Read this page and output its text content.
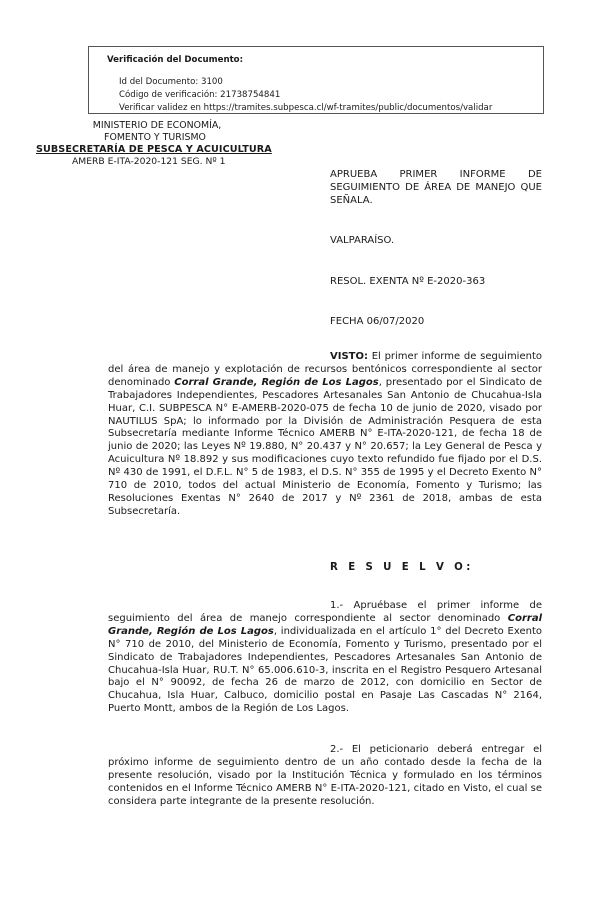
Verificación del Documento:
Id del Documento: 3100
Código de verificación: 21738754841
Verificar validez en https://tramites.subpesca.cl/wf-tramites/public/documentos/validar
MINISTERIO DE ECONOMÍA,
FOMENTO Y TURISMO
SUBSECRETARÍA DE PESCA Y ACUICULTURA
AMERB E-ITA-2020-121 SEG. Nº 1
APRUEBA PRIMER INFORME DE SEGUIMIENTO DE ÁREA DE MANEJO QUE SEÑALA.
VALPARAÍSO.
RESOL. EXENTA Nº E-2020-363
FECHA 06/07/2020
VISTO: El primer informe de seguimiento del área de manejo y explotación de recursos bentónicos correspondiente al sector denominado Corral Grande, Región de Los Lagos, presentado por el Sindicato de Trabajadores Independientes, Pescadores Artesanales San Antonio de Chucahua-Isla Huar, C.I. SUBPESCA N° E-AMERB-2020-075 de fecha 10 de junio de 2020, visado por NAUTILUS SpA; lo informado por la División de Administración Pesquera de esta Subsecretaría mediante Informe Técnico AMERB N° E-ITA-2020-121, de fecha 18 de junio de 2020; las Leyes Nº 19.880, N° 20.437 y N° 20.657; la Ley General de Pesca y Acuicultura Nº 18.892 y sus modificaciones cuyo texto refundido fue fijado por el D.S. Nº 430 de 1991, el D.F.L. N° 5 de 1983, el D.S. N° 355 de 1995 y el Decreto Exento N° 710 de 2010, todos del actual Ministerio de Economía, Fomento y Turismo; las Resoluciones Exentas N° 2640 de 2017 y Nº 2361 de 2018, ambas de esta Subsecretaría.
R E S U E L V O:
1.- Apruébase el primer informe de seguimiento del área de manejo correspondiente al sector denominado Corral Grande, Región de Los Lagos, individualizada en el artículo 1° del Decreto Exento N° 710 de 2010, del Ministerio de Economía, Fomento y Turismo, presentado por el Sindicato de Trabajadores Independientes, Pescadores Artesanales San Antonio de Chucahua-Isla Huar, RU.T. N° 65.006.610-3, inscrita en el Registro Pesquero Artesanal bajo el N° 90092, de fecha 26 de marzo de 2012, con domicilio en Sector de Chucahua, Isla Huar, Calbuco, domicilio postal en Pasaje Las Cascadas N° 2164, Puerto Montt, ambos de la Región de Los Lagos.
2.- El peticionario deberá entregar el próximo informe de seguimiento dentro de un año contado desde la fecha de la presente resolución, visado por la Institución Técnica y formulado en los términos contenidos en el Informe Técnico AMERB N° E-ITA-2020-121, citado en Visto, el cual se considera parte integrante de la presente resolución.
